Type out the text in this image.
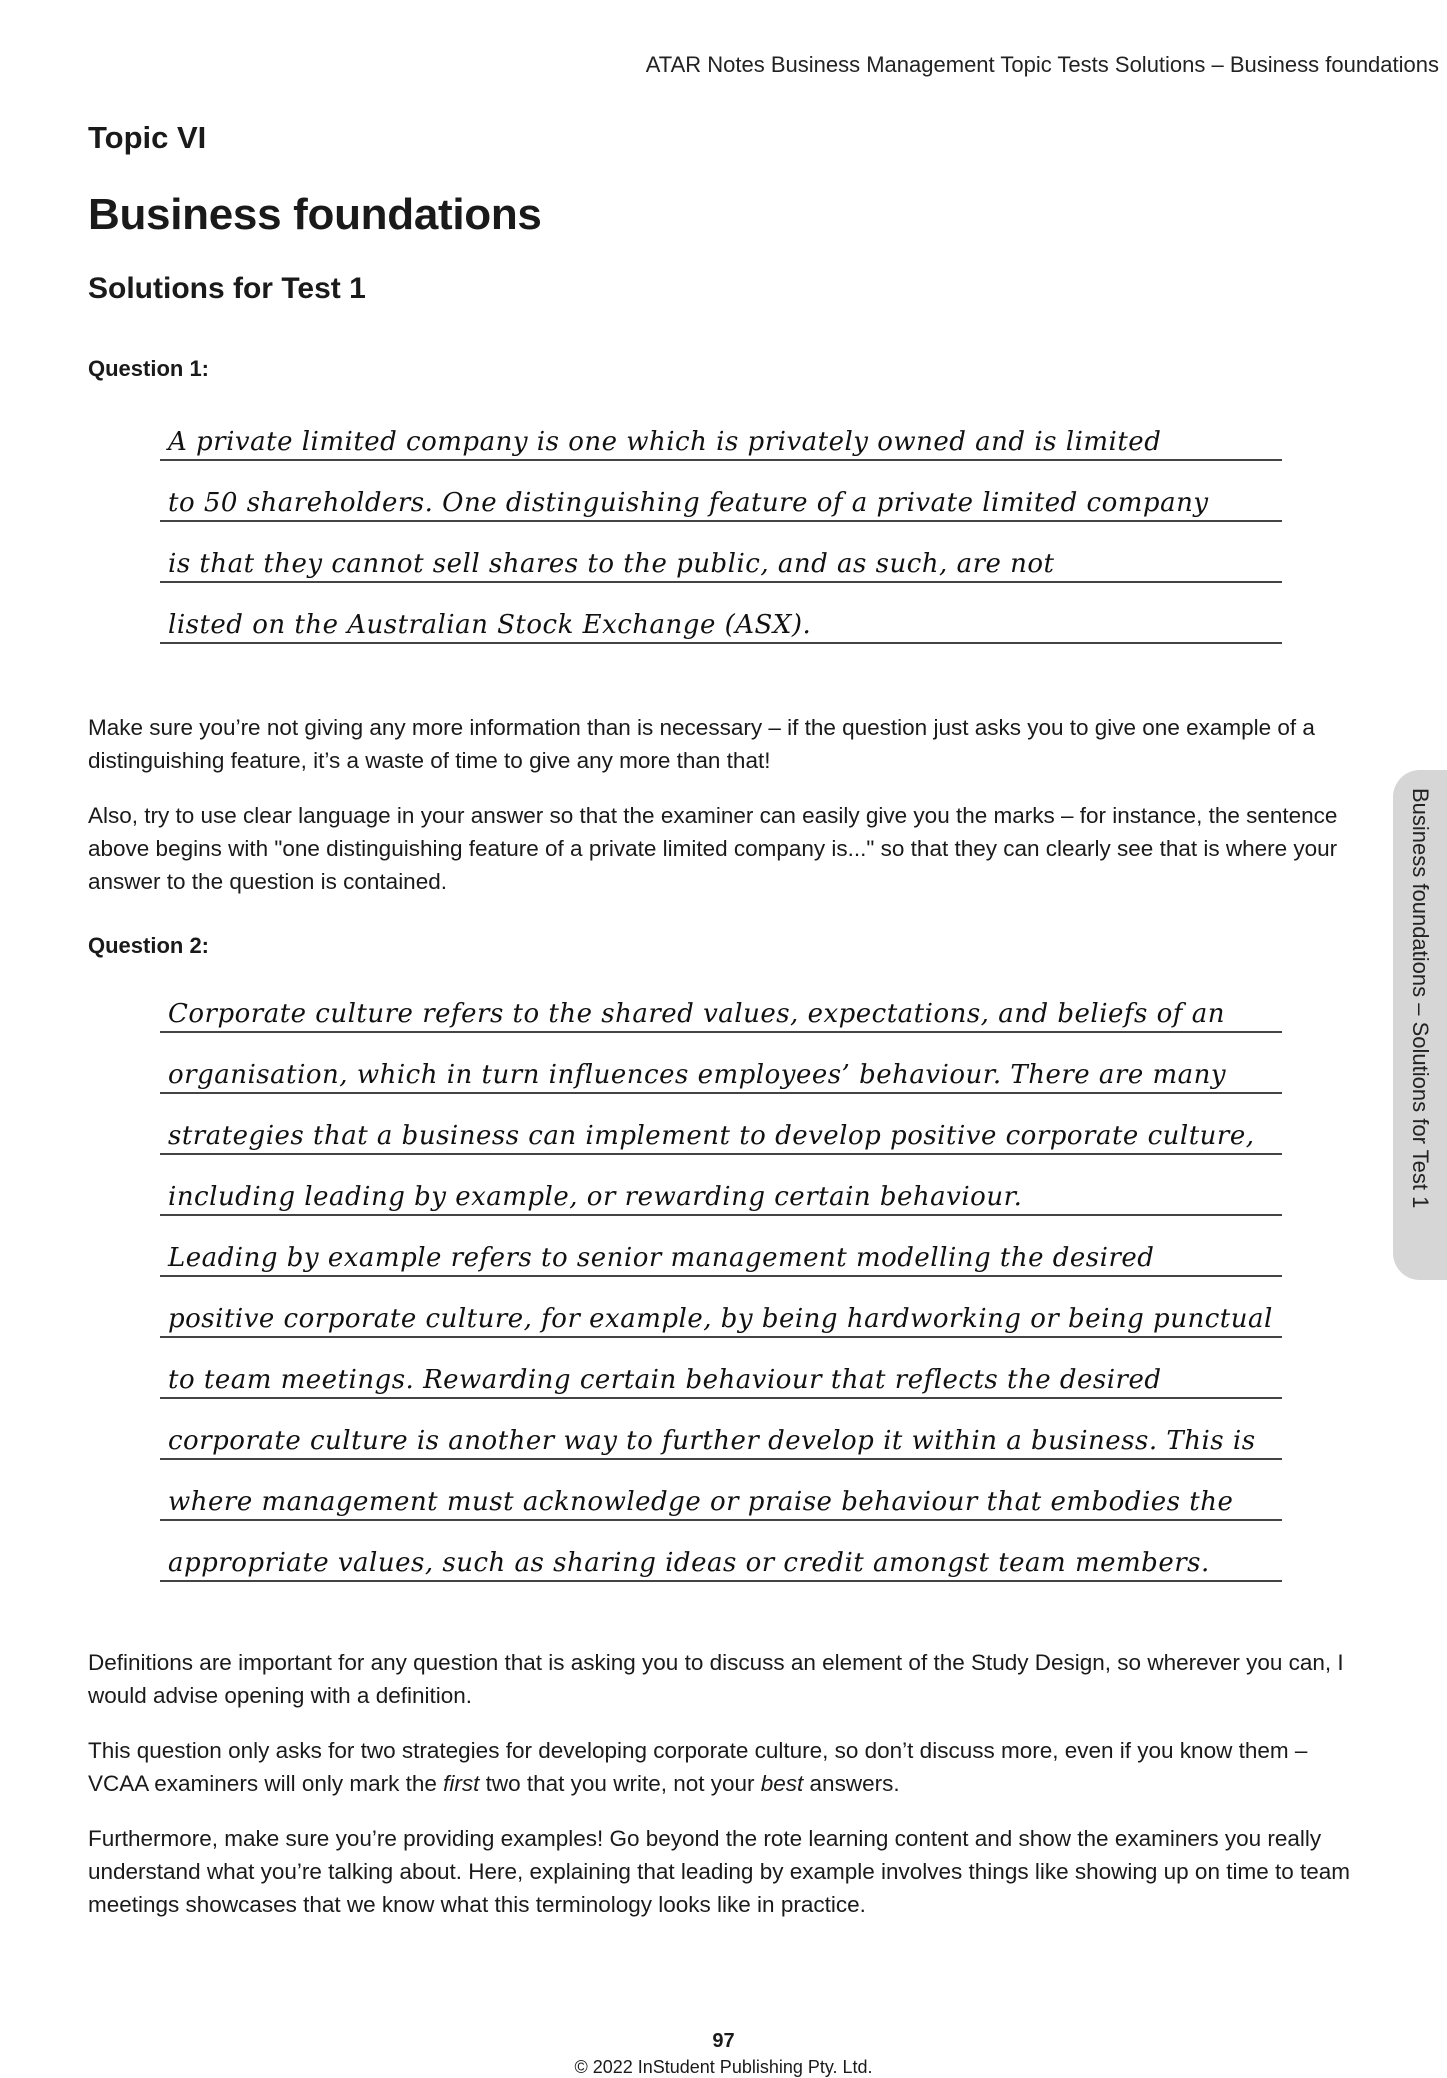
ATAR Notes Business Management Topic Tests Solutions – Business foundations
Topic VI
Business foundations
Solutions for Test 1
Question 1:
A private limited company is one which is privately owned and is limited
to 50 shareholders. One distinguishing feature of a private limited company
is that they cannot sell shares to the public, and as such, are not
listed on the Australian Stock Exchange (ASX).

Make sure you’re not giving any more information than is necessary – if the question just asks you to give one example of a distinguishing feature, it’s a waste of time to give any more than that!

Also, try to use clear language in your answer so that the examiner can easily give you the marks – for instance, the sentence above begins with "one distinguishing feature of a private limited company is..." so that they can clearly see that is where your answer to the question is contained.

Question 2:
Corporate culture refers to the shared values, expectations, and beliefs of an
organisation, which in turn influences employees’ behaviour. There are many
strategies that a business can implement to develop positive corporate culture,
including leading by example, or rewarding certain behaviour.
Leading by example refers to senior management modelling the desired
positive corporate culture, for example, by being hardworking or being punctual
to team meetings. Rewarding certain behaviour that reflects the desired
corporate culture is another way to further develop it within a business. This is
where management must acknowledge or praise behaviour that embodies the
appropriate values, such as sharing ideas or credit amongst team members.

Definitions are important for any question that is asking you to discuss an element of the Study Design, so wherever you can, I would advise opening with a definition.

This question only asks for two strategies for developing corporate culture, so don’t discuss more, even if you know them – VCAA examiners will only mark the first two that you write, not your best answers.

Furthermore, make sure you’re providing examples! Go beyond the rote learning content and show the examiners you really understand what you’re talking about. Here, explaining that leading by example involves things like showing up on time to team meetings showcases that we know what this terminology looks like in practice.

Business foundations – Solutions for Test 1
97
© 2022 InStudent Publishing Pty. Ltd.
